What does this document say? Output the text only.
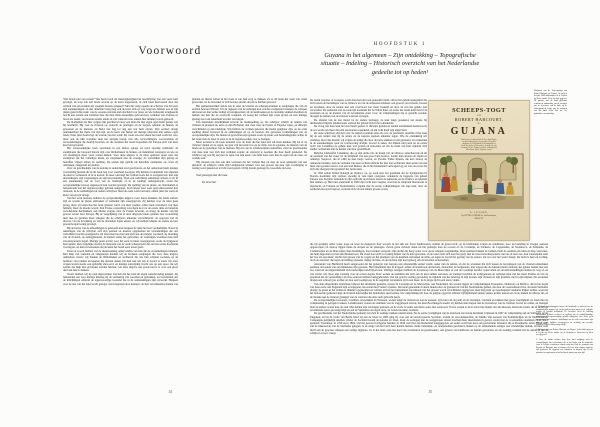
Voorwoord

'Wie houdt niet van reizen? Wie heeft nooit uit nieuwsgierigheid de beschrijving van een verre kust gevolgd, de loop van een brede stroom op de kaart nagewezen, of zich laten meevoeren door het verhaal van een zeeman die vreemde havens aandeed?' Met die vraag opende de schrijver van dit werk zijn aantekeningen, en met dezelfde vraag mag ook de lezer zich op weg begeven. Reizen was in zijn dagen geen lichte zaak: wie de oceaan overstak nam afscheid voor jaren, en wie behouden terugkeerde bracht een wereld aan verhalen mee die men thuis nauwelijks geloven kon, verhalen van rivieren zo breed als zeeën, van bossen zonder einde en van volkeren wier namen hier nimmer waren gehoord.

De bladzijden die hier volgen zijn geschreven door een man die met eigen ogen heeft gezien wat hij beschrijft. Hij voer de rivieren op, bezocht de plantages en de dorpen, tekende de huizen, de gewassen en de mensen, en hield van dag tot dag aan wat hem opviel. Zijn oordeel draagt onmiskenbaar het merk van zijn tijd, en de lezer van heden zal menige uitspraak met andere ogen lezen; maar juist daarin ligt de waarde van het werk: het toont ons niet alleen het land zoals het was, maar ook de blik waarmee men het destijds bezag, met alle verwachtingen, vooroordelen en verwonderingen die daarbij hoorden, en die tezamen het beeld bepaalden dat Europa zich van deze kust had gevormd.

Het oorspronkelijke werk verscheen in een kleine oplage en werd spoedig zeldzaam; de exemplaren die bewaard bleven zijn over bibliotheken in binnen- en buitenland verspreid, en wie ze wil raadplegen moet verre reizen maken. Voor deze uitgave is de tekst opnieuw gezet naar het exemplaar dat het volledigst bleek, en vergeleken met de overige; de verschillen zijn gering en betreffen vrijwel alleen de spelling. De platen zijn gelicht uit hetzelfde exemplaar en, waar zij ontbraken, aangevuld uit andere.

Over de geschiedenis van de kolonie is sedertdien veel geschreven, en het onderzoek heeft menige voorstelling herzien die in dit boek nog voor waarheid doorgaat. Wij hebben er niettemin van afgezien de tekst te verbeteren of in te korten: de lezer ontvangt het verhaal zoals het is overgeleverd, met zijn uitweidingen, zijn vergissingen en zijn bewondering. Waar een toelichting onmisbaar scheen, is zij in een aantekening aan de voet van de bladzijde of in de kantlijn ondergebracht, zodat het oorspronkelijke betoog ongestoord kan worden gevolgd. De spelling van de plaats- en riviernamen is behoedzaam aan het tegenwoordige gebruik aangepast, doch alleen daar waar geen misverstand kon ontstaan; in de aanhalingen uit oudere schrijvers bleef de oude vorm bewaard, omdat juist die vorm de kleur van de tijd draagt.

Van het werk bestaan, behalve de oorspronkelijke uitgave, twee latere drukken, die beide verkort zijn en waarin de platen ontbreken of verkleind zijn weergegeven. Zij hebben voor de tekst geen gezag, maar zij tonen hoe het boek gelezen werd: wat men wegliet, achtte men verouderd, wat men behield, bleef de moeite waard. Een Franse overzetting verscheen kort na de eerste druk en beleefde verscheidene herdrukken; een Duitse volgde, naar de Franse bewerkt, en droeg de kennis van het gewest verder door Europa. Bij de vergelijking van al deze uitgaven bleek opnieuw hoe voorzichtig men met de getallen moet omgaan die de schrijvers elkander overschrijven: de opgaven van de uitvoer, van de bevolking en van de afstanden lopen uiteen, en wij hebben telkens de oudste en best gewaarborgde lezing gevolgd.

Bij de keuze van de afbeeldingen is gestreefd naar hetgeen de tekst het best verduidelijkt. Naast de tekeningen van de schrijver zelf zijn prenten en kaarten opgenomen uit verzamelingen die ons welwillend werden opengesteld. Zij laten zien hoe het land zich aan de reiziger voordeed: de monding van de rivieren, de aanlegplaatsen, de huizen onder het geboomte, de vaartuigen waarmee men zich stroomopwaarts begaf. Menige prent is hier voor het eerst in kleur weergegeven, zoals de tijdgenoot haar kende; men vergelijke slechts de titelprent van de oude scheepstocht die aan het eerste hoofdstuk voorafgaat, en men zal erkennen dat de kleur het beeld eerst leven geeft.

Eerst en vooral hebben wij de medewerking ondervonden van hen die de verzamelingen beheren. Met hulp van vrienden en vakgenoten konden wij de bronnen raadplegen die voor deze uitgave onmisbaar waren; wij danken de bibliotheken en archieven die ons hun schatten toonden, en de bezitters van prenten en kaarten die afstand deden van hun rust om ons te woord te staan. Op onze vragen kwam steeds een geduldig antwoord, en menige aanwijzing bracht ons op een spoor dat wij zonder die hulp niet gevonden zouden hebben; wat deze uitgave aan goeds bevat, is voor een groot deel aan hen te danken.

Voorts hebben wij de raad ingewonnen van hen die het land uit eigen aanschouwing kennen. Zij behoedden ons voor menige misslag bij de verklaring van woorden en gebruiken, en verschaften ons de inlichtingen omtrent de tegenwoordige toestand die in de aantekeningen zijn verwerkt. Hetgeen over de taal van het land wordt gezegd, werd nagezien door kenners; de lijst van inheemse namen van planten en dieren achter in het boek is aan hun zorg te danken. Zo is dit boek het werk van velen geworden, en de bewerker is zich bewust slechts de pen te hebben gevoerd.

Het gemeentearchief stelde ons in staat de brieven en scheepsjournalen te raadplegen die van de tochten bewaard bleven. Uit de registers van de rederijen kon worden vastgesteld wanneer de schepen uitvoeren en met welke lading zij terugkeerden; uit de kerkboeken en de notariële stukken kwamen de namen van hen die de overtocht waagden. Zo kreeg het verhaal zijn vaste grond, en kon menige gissing door een zekerheid worden vervangen.

Een bijzondere moeilijkheid leverde de naamspelling op. De schrijver schrijft de namen van rivieren en plaatsen nu eens op zijn Hollands, dan weer naar de Franse of Engelse wijze, en dikwijls verschillend op één bladzijde. Wij hebben de vormen gekozen die heden gangbaar zijn, en de oude spelling alleen bewaard in de aanhalingen en op de kaarten, die getrouwe verkleiningen van de oorspronkelijke zijn. De maten en gewichten zijn gelaten zoals zij staan; een herleidingstafel achter in het boek stelt de lezer in staat ze in de tegenwoordige over te brengen.

Maar bovenal is dit boek bestemd voor de lezer die het land zelf wil leren kennen. Hij zal er de rivieren vinden en de regen, de geur van het natte bos en de stilte van de savanne, de kleuren van de markt en de gezichten van de mensen. Hij zal ook de schaduwzijden aantreffen, want de geschiedenis van deze kust laat zich niet verhalen zonder de slavernij te noemen die haar heeft getekend. De schrijver zag wat hij zag met de ogen van zijn eeuw; wie hem leest, leze met de ogen van de onze, en oordele zelf.

Wij moeten ons dan ook niet verbazen dat het verhaal hier en daar de toon aanneemt van een pleidooi: de schrijver wilde zijn landgenoten winnen voor een gewest dat naar zijn overtuiging te weinig werd gekend en te licht werd geteld. Of hij daarin geslaagd is, beoordele de lezer.

Veel genoegen met dit boek.

De bewerker

14
HOOFDSTUK 1
Guyana in het algemeen – Zijn ontdekking – Topografische
situatie – Indeling – Historisch overzicht van het Nederlandse
gedeelte tot op heden¹

De naam Guyana, of Guajana, zoals men het land ook genoemd vindt, omvat het gehele kustgebied dat zich tussen de mondingen van de Orinoco en van de Amazone uitstrekt: een gewest van rivieren, bossen en savannen, door de natuur met een overvloed van water bedeeld en door de zon het gehele jaar verwarmd. De zeelieden van de oude tijd noemden het de Wilde Kust, en onder die naam komt het in de journalen en op de kaarten van de zeventiende eeuw voor; de volkplantingen die er gesticht werden, droegen de namen van de rivieren waaraan zij lagen.

De afstand van de ene mond tot de andere bedraagt, de kust langs gerekend, ten naaste bij driehonderd mijlen; landinwaarts verliest het gebied zich in het onbekende.

De vraag wie deze kust het eerst heeft gezien, is dikwijls gesteld en zelden eensluidend beantwoord; de eer wordt aan meer dan één zeevaarder toegekend, en elk volk heeft zijn eigen held.

De oude schrijvers zijn het over de namen evenmin eens als over de jaartallen: dezelfde rivier heet bij de een anders dan bij de ander, en de kaarten spreken elkander tegen. Wie de ontdekking wil verhalen, moet dus kiezen; wij volgen de lezing die door de beste stukken wordt gesteund, en vermelden in de aantekeningen waar de overlevering afwijkt. Zoveel is zeker, dat binnen tien jaren na de eerste tocht van Columbus de gehele kust was gezien en benoemd, en dat de faam van haar rijkdom zich sneller verbreidde dan de kennis van haar gesteldheid.

Behalve Christoffel Columbus, die op zijn derde reis de mond van de Orinoco aanschouwde en uit de zoetheid van het water tot de nabijheid van een groot land besloot, noemt men Alonso de Ojeda en Amerigo Vespucci, die in 1499 de kust langs voeren, en Vicente Yáñez Pinzón, die kort daarop de Amazone bereikte. Aan de verhalen van deze tochten ontbrak het niet aan wonderen: men sprak van een meer met gouden oevers, van een stad Manoa, die in het binnenland verborgen lag, en van een vorst die zich alle morgens met goudstof liet bestrooien.

In 1595 zeilde Walter Raleigh de Orinoco op, op zoek naar het goudland dat de Spanjaarden El Dorado noemden; zijn verhaal, spoedig in vele talen overgezet, wakkerde de begeerte van geheel Europa aan. Keymis verkende in zijn opdracht de rivieren tussen de Amazone en de Orinoco en tekende hun namen op; Harcourt ondernam in 1609 zijn tocht naar Gujana, waarvan de titelprent hiernevens is afgebeeld, en Fransen en Nederlanders volgden met de eerste volkplantingen. De lage kust, door de zeelieden het eerst begroet, vertoont zich als een smalle groene zoom,

SCHEEPS-TOGT
VAN
ROBERT HARCOURT,
NA
GUJANA
Behelzende zyn aanmerkelyke Zeil- en Land-Togten,
vreemde Ontmoetingen en gevaarlyke Voorvallen;
mitsgaders de Gelegentheid en Hoedanigheid des
Lands, der Steden en Inwoonders; als mede des selfs
Gewassen, Dieren, Vrugten en andere seldsaamheden.
Met schoone kopere Figuuren verçiert.
Te LEYDEN,
By PIETER VANDER Aa, Boekverkoper,
MDCCVI.
Titelprent van de 'Scheeps-togt van Robert Harcourt, na Gujana', de tocht in het jaar 1609 ondernomen en te Leyden by Pieter vander Aa in het licht gegeven. De gravure, met de hand gekleurd, vertoont de ontmoeting van de reizigers met de bewoners van de kust; op de achtergrond de loods met de vruchten van het land. Atlas Van der Aa, particuliere verzameling.

die bij springtij onder water loopt en waar de mangrove haar wortels in het slik zet. Eerst landinwaarts verheft de grond zich; op de kleibanken volgen de zandritsen, door de branding in vroeger eeuwen opgeworpen, en daarop liggen thans de dorpen en de plantages. Zeven grote rivieren dalen uit het gebergte naar de oceaan af: de Corantijn, de Nickerie, de Coppename, de Saramacca, de Suriname, de Commewijne en de Marowijne; hun mondingen, door banken versperd, zijn slechts bij hoog water voor grote schepen toegankelijk, maar eenmaal binnen de banken vindt de zeeman een ruim en diep vaarwater, dat hem dagreizen ver het land binnenvoert. De vloed doet zich tot twintig mijlen van de kust gevoelen, en de vaart richt zich naar het getij: met de vloed stroomopwaarts, met de eb naar zee. Aan weerszijden staat het bos als een muur; slechts het geroep van de vogels en het plompen van de kaaiman verbreken de stilte, en tegen de avond het gezang van de roeiers, dat ver over het water draagt. De lucht is heet en vochtig, doch de zeewind, die tegen de middag opsteekt, matigt de hitte, en de nachten zijn koel genoeg om de krachten te herstellen.

Alexander von Humboldt heeft aangetoond dat het gebergte van Guyana een afzonderlijk stelsel vormt, ouder dan de Andes, en dat de savannen die zich tussen de bovenlopen van de rivieren uitstrekken eenmaal de bodem van een binnenzee zijn geweest. Het binnenland rijst in trappen: achter de kuststrook de heuvels, daarachter de bergketens, met toppen die de duizend meter naderen, het geheel bedekt met een bos waarvan de uitgestrektheid zich nauwelijks beschrijven laat. Weinige reizigers hebben de bovenloop van de Marowijne of van de Corantijn bereikt; watervallen en stroomversnellingen sluiten de weg af, en wie verder wil, moet zijn vaartuig over de rotsen slepen. Daar wonen de stammen die zich aan de kust zelden vertonen, en vandaar brachten de tochtgenoten de verhalen mee van het meer Parima en van de goudstad die de verbeelding van twee eeuwen hebben beziggehouden. Van dat goud is weinig gevonden; de rijkdom van het land ligt in zijn bossen, zijn rivieren en zijn gronden, niet in zijn mijnen. De savannen dragen een schraal gras en hier en daar een boomgroep; in de regentijd veranderen zij in een meer, in de droge tijd in een dorre vlakte.

Van deze uitgestrekte landstreek behoort het middelste gedeelte, tussen de Corantijn en de Marowijne, aan Nederland; ten westen liggen de volkplantingen Essequebo, Demerary en Berbice, die in het begin van deze eeuw aan Engeland zijn overgegaan, ten oosten het Franse Cayenne. De beide genoemde rivieren maken alzo de grenzen uit van het Nederlandse gebied, dat naar de voornaamste rivier de naam Suriname draagt; de grens in het zuiden is nimmer opgenomen en verliest zich in het binnenland. De inhoud van het gewest wordt verschillend opgegeven; men mag hem op tweeduizend vierkante mijlen stellen, waarvan het bebouwde gedeelte langs de rivieren nauwelijks het honderdste deel beslaat. De volkplanting telt naar de jongste opgaven omtrent vijftigduizend zielen; suiker, koffie, katoen en cacao maken de uitvoer uit, en de molens aan de rivieren getuigen van de welvaart die deze teelt gebracht heeft.

De oorspronkelijke bewoners, Caraïben, Arowakken en Warauen, wonen langs de rivieren en aan de zeekust; zij leven van de jacht en de visvangst, vlechten en bakken met grote vaardigheid, en staan met de volkplanting in geregeld verkeer. Landinwaarts wonen de stammen van de weggelopen slaven, die men Boschnegers noemt; zij hebben hun dorpen aan de bovenloop van de rivieren, boven de vallen, en brengen hout en andere waren naar de stad. Met beiden zijn verdragen gesloten, en de vrede is sedert een halve eeuw niet verstoord. Voorts wonen er in de stad vrije lieden van alle kleuren, benevens Joden, die er sedert de zeventiende eeuw gevestigd zijn en aan de Suriname een eigen dorp, de Joden-Savanne, bezitten.

De geschiedenis van het Nederlandse gedeelte laat zich in weinige trekken samenvatten. Na de eerste vestigingen van de Zeeuwen veroverde Abraham Crijnssen in 1667 de volkplanting aan de Suriname op de Engelsen, en bij de vrede van Breda bleef zij aan de Staat; in 1683 ging zij over aan de Geoctroyeerde Sociëteit, waarin de stad Amsterdam, de familie Van Aerssen van Sommelsdijck en de West-Indische Compagnie gelijkelijk deelden. Onder de Sociëteit kwam de kolonie tot bloei, maar de oorlogen met de weggelopen slaven brachten haar meermalen in gevaar, totdat met de voornaamste stammen vrede werd gesloten. Tweemaal, in 1799 en in 1804, viel het gewest in Engelse handen; in 1816 werd het aan Nederland teruggegeven, en sedert wordt het door een gouverneur bestuurd, die te Paramaribo zetelt. Deze stad, aan de linkeroever van de Suriname gelegen, is de enige van het land; haar houten huizen, onder tamarinde- en oranjebomen geschaard, maken op de aankomende reiziger een vriendelijke indruk, en haar rede biedt aan de grootste schepen een veilige ligplaats. Zo is het land, eens het doel van avonturiers en goudzoekers, een gewest van landbouw en handel geworden, en als zodanig verdient het de aandacht die de schrijver ervoor vraagt.

1. De korte inhoudsopgave boven dit hoofdstuk is ontleend aan de oorspronkelijke uitgave; zij vat de onderwerpen samen in de volgorde waarin zij worden behandeld. De bewerker heeft de indeling onveranderd gelaten en alleen de spelling van de aardrijkskundige namen aan het tegenwoordige gebruik aangepast, voor zover geen misverstand kon ontstaan. Aanhalingen uit de oude reisverhalen zijn naar de eerste drukken weergegeven; de vertaling van vreemde woorden is tussen haken toegevoegd.
2. 'Scheeps-togt van Robert Harcourt, na Gujana', in het licht gegeven te Leyden by Pieter vander Aa; de titelprent is hiernevens in kleur weergegeven.
3. Over de oudste tochten naar deze kust raadplege men de verzamelingen van reisverhalen die in het begin van de achttiende eeuw te Leyden verschenen; daarin vindt men ook de journalen van Keymis en Harcourt, met de kaarten die voor deze uitgave opnieuw zijn getekend. De opgaven van afstanden en diepten zijn uit die journalen overgenomen en herleid tot de maten van onze tijd.
15
